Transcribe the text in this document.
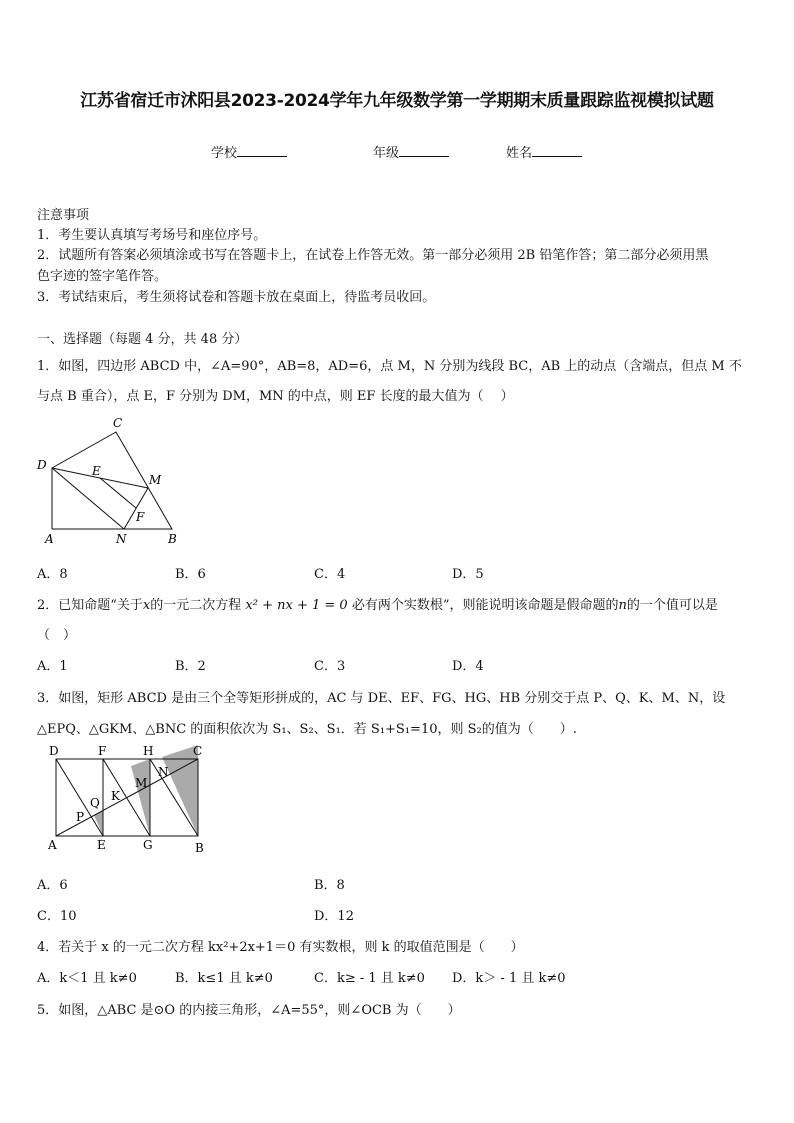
江苏省宿迁市沭阳县2023-2024学年九年级数学第一学期期末质量跟踪监视模拟试题
学校	年级	姓名
注意事项
1．考生要认真填写考场号和座位序号。
2．试题所有答案必须填涂或书写在答题卡上，在试卷上作答无效。第一部分必须用 2B 铅笔作答；第二部分必须用黑
色字迹的签字笔作答。
3．考试结束后，考生须将试卷和答题卡放在桌面上，待监考员收回。
一、选择题（每题 4 分，共 48 分）
1．如图，四边形 ABCD 中，∠A=90°，AB=8，AD=6，点 M，N 分别为线段 BC，AB 上的动点（含端点，但点 M 不
与点 B 重合），点 E，F 分别为 DM，MN 的中点，则 EF 长度的最大值为（　 ）
C
D	E
M
F
A	N	B
A．8	B．6	C．4	D．5
2．已知命题“关于x的一元二次方程 x² + nx + 1 = 0 必有两个实数根”，则能说明该命题是假命题的n的一个值可以是
（　）
A．1	B．2	C．3	D．4
3．如图，矩形 ABCD 是由三个全等矩形拼成的，AC 与 DE、EF、FG、HG、HB 分别交于点 P、Q、K、M、N，设
△EPQ、△GKM、△BNC 的面积依次为 S₁、S₂、S₁．若 S₁+S₁=10，则 S₂的值为（　　）.
D	F	H	C
N
M
K
Q
P
A	E	G	B
A．6	B．8
C．10	D．12
4．若关于 x 的一元二次方程 kx²+2x+1＝0 有实数根，则 k 的取值范围是（　　）
A．k＜1 且 k≠0	B．k≤1 且 k≠0	C．k≥ - 1 且 k≠0 D．k＞ - 1 且 k≠0
5．如图，△ABC 是⊙O 的内接三角形，∠A=55°，则∠OCB 为（　　）
